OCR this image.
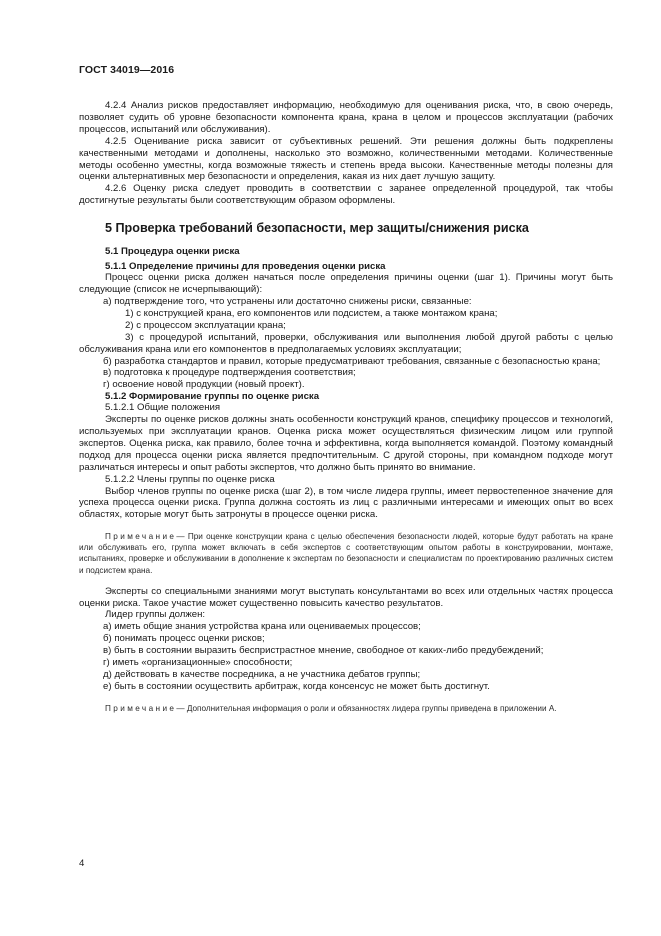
ГОСТ 34019—2016

4.2.4 Анализ рисков предоставляет информацию, необходимую для оценивания риска, что, в свою очередь, позволяет судить об уровне безопасности компонента крана, крана в целом и процессов эксплуатации (рабочих процессов, испытаний или обслуживания).

4.2.5 Оценивание риска зависит от субъективных решений. Эти решения должны быть подкреплены качественными методами и дополнены, насколько это возможно, количественными методами. Количественные методы особенно уместны, когда возможные тяжесть и степень вреда высоки. Качественные методы полезны для оценки альтернативных мер безопасности и определения, какая из них дает лучшую защиту.

4.2.6 Оценку риска следует проводить в соответствии с заранее определенной процедурой, так чтобы достигнутые результаты были соответствующим образом оформлены.

5 Проверка требований безопасности, мер защиты/снижения риска
5.1 Процедура оценки риска
5.1.1 Определение причины для проведения оценки риска

Процесс оценки риска должен начаться после определения причины оценки (шаг 1). Причины могут быть следующие (список не исчерпывающий):

а) подтверждение того, что устранены или достаточно снижены риски, связанные:

1) с конструкцией крана, его компонентов или подсистем, а также монтажом крана;

2) с процессом эксплуатации крана;

3) с процедурой испытаний, проверки, обслуживания или выполнения любой другой работы с целью обслуживания крана или его компонентов в предполагаемых условиях эксплуатации;

б) разработка стандартов и правил, которые предусматривают требования, связанные с безопасностью крана;

в) подготовка к процедуре подтверждения соответствия;

г) освоение новой продукции (новый проект).

5.1.2 Формирование группы по оценке риска

5.1.2.1 Общие положения

Эксперты по оценке рисков должны знать особенности конструкций кранов, специфику процессов и технологий, используемых при эксплуатации кранов. Оценка риска может осуществляться физическим лицом или группой экспертов. Оценка риска, как правило, более точна и эффективна, когда выполняется командой. Поэтому командный подход для процесса оценки риска является предпочтительным. С другой стороны, при командном подходе могут различаться интересы и опыт работы экспертов, что должно быть принято во внимание.

5.1.2.2 Члены группы по оценке риска

Выбор членов группы по оценке риска (шаг 2), в том числе лидера группы, имеет первостепенное значение для успеха процесса оценки риска. Группа должна состоять из лиц с различными интересами и имеющих опыт во всех областях, которые могут быть затронуты в процессе оценки риска.

Примечание— При оценке конструкции крана с целью обеспечения безопасности людей, которые будут работать на кране или обслуживать его, группа может включать в себя экспертов с соответствующим опытом работы в конструировании, монтаже, испытаниях, проверке и обслуживании в дополнение к экспертам по безопасности и специалистам по проектированию различных систем и подсистем крана.

Эксперты со специальными знаниями могут выступать консультантами во всех или отдельных частях процесса оценки риска. Такое участие может существенно повысить качество результатов.

Лидер группы должен:

а) иметь общие знания устройства крана или оцениваемых процессов;

б) понимать процесс оценки рисков;

в) быть в состоянии выразить беспристрастное мнение, свободное от каких-либо предубеждений;

г) иметь «организационные» способности;

д) действовать в качестве посредника, а не участника дебатов группы;

е) быть в состоянии осуществить арбитраж, когда консенсус не может быть достигнут.

Примечание— Дополнительная информация о роли и обязанностях лидера группы приведена в приложении А.

4
